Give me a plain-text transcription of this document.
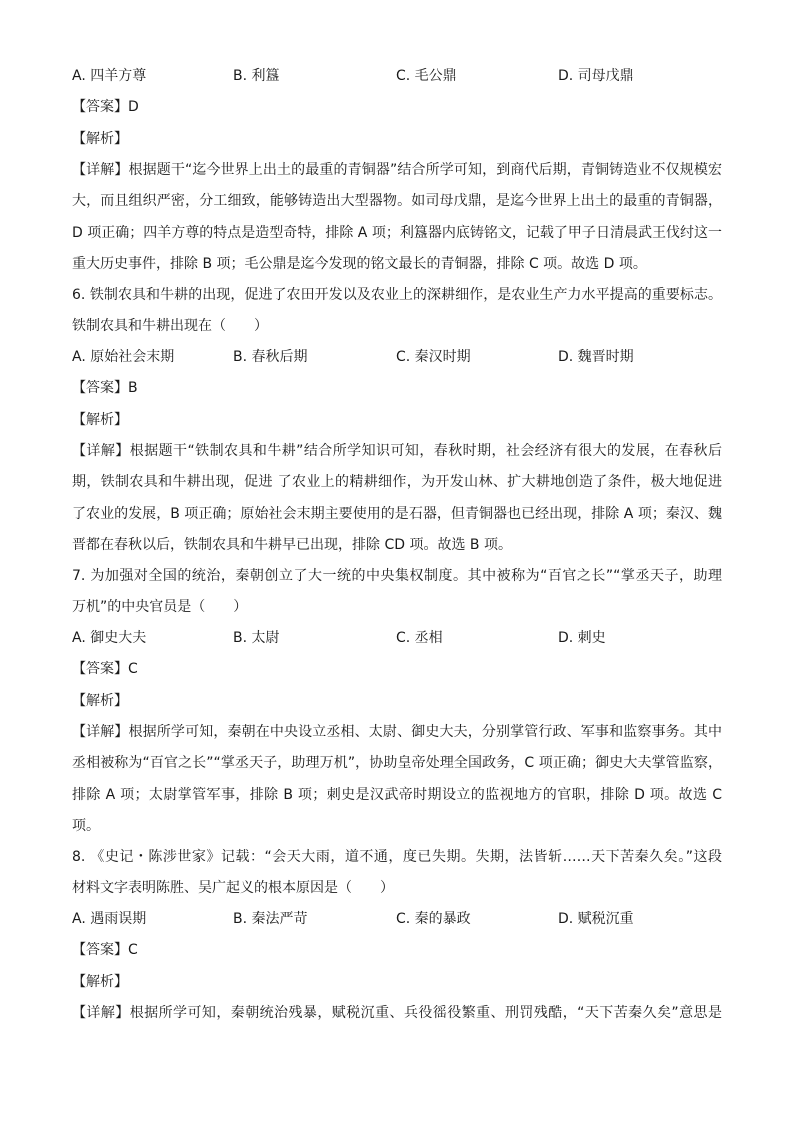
A. 四羊方尊	B. 利簋	C. 毛公鼎	D. 司母戊鼎
【答案】D
【解析】
【详解】根据题干“迄今世界上出土的最重的青铜器”结合所学可知，到商代后期，青铜铸造业不仅规模宏
大，而且组织严密，分工细致，能够铸造出大型器物。如司母戊鼎，是迄今世界上出土的最重的青铜器，
D 项正确；四羊方尊的特点是造型奇特，排除 A 项；利簋器内底铸铭文，记载了甲子日清晨武王伐纣这一
重大历史事件，排除 B 项；毛公鼎是迄今发现的铭文最长的青铜器，排除 C 项。故选 D 项。
6. 铁制农具和牛耕的出现，促进了农田开发以及农业上的深耕细作，是农业生产力水平提高的重要标志。
铁制农具和牛耕出现在（　　）
A. 原始社会末期	B. 春秋后期	C. 秦汉时期	D. 魏晋时期
【答案】B
【解析】
【详解】根据题干“铁制农具和牛耕”结合所学知识可知，春秋时期，社会经济有很大的发展，在春秋后
期，铁制农具和牛耕出现，促进 了农业上的精耕细作，为开发山林、扩大耕地创造了条件，极大地促进
了农业的发展，B 项正确；原始社会末期主要使用的是石器，但青铜器也已经出现，排除 A 项；秦汉、魏
晋都在春秋以后，铁制农具和牛耕早已出现，排除 CD 项。故选 B 项。
7. 为加强对全国的统治，秦朝创立了大一统的中央集权制度。其中被称为“百官之长”“掌丞天子，助理
万机”的中央官员是（　　）
A. 御史大夫	B. 太尉	C. 丞相	D. 刺史
【答案】C
【解析】
【详解】根据所学可知，秦朝在中央设立丞相、太尉、御史大夫，分别掌管行政、军事和监察事务。其中
丞相被称为“百官之长”“掌丞天子，助理万机”，协助皇帝处理全国政务，C 项正确；御史大夫掌管监察，
排除 A 项；太尉掌管军事，排除 B 项；刺史是汉武帝时期设立的监视地方的官职，排除 D 项。故选 C
项。
8. 《史记・陈涉世家》记载：“会天大雨，道不通，度已失期。失期，法皆斩……天下苦秦久矣。”这段
材料文字表明陈胜、吴广起义的根本原因是（　　）
A. 遇雨误期	B. 秦法严苛	C. 秦的暴政	D. 赋税沉重
【答案】C
【解析】
【详解】根据所学可知，秦朝统治残暴，赋税沉重、兵役徭役繁重、刑罚残酷，“天下苦秦久矣”意思是
